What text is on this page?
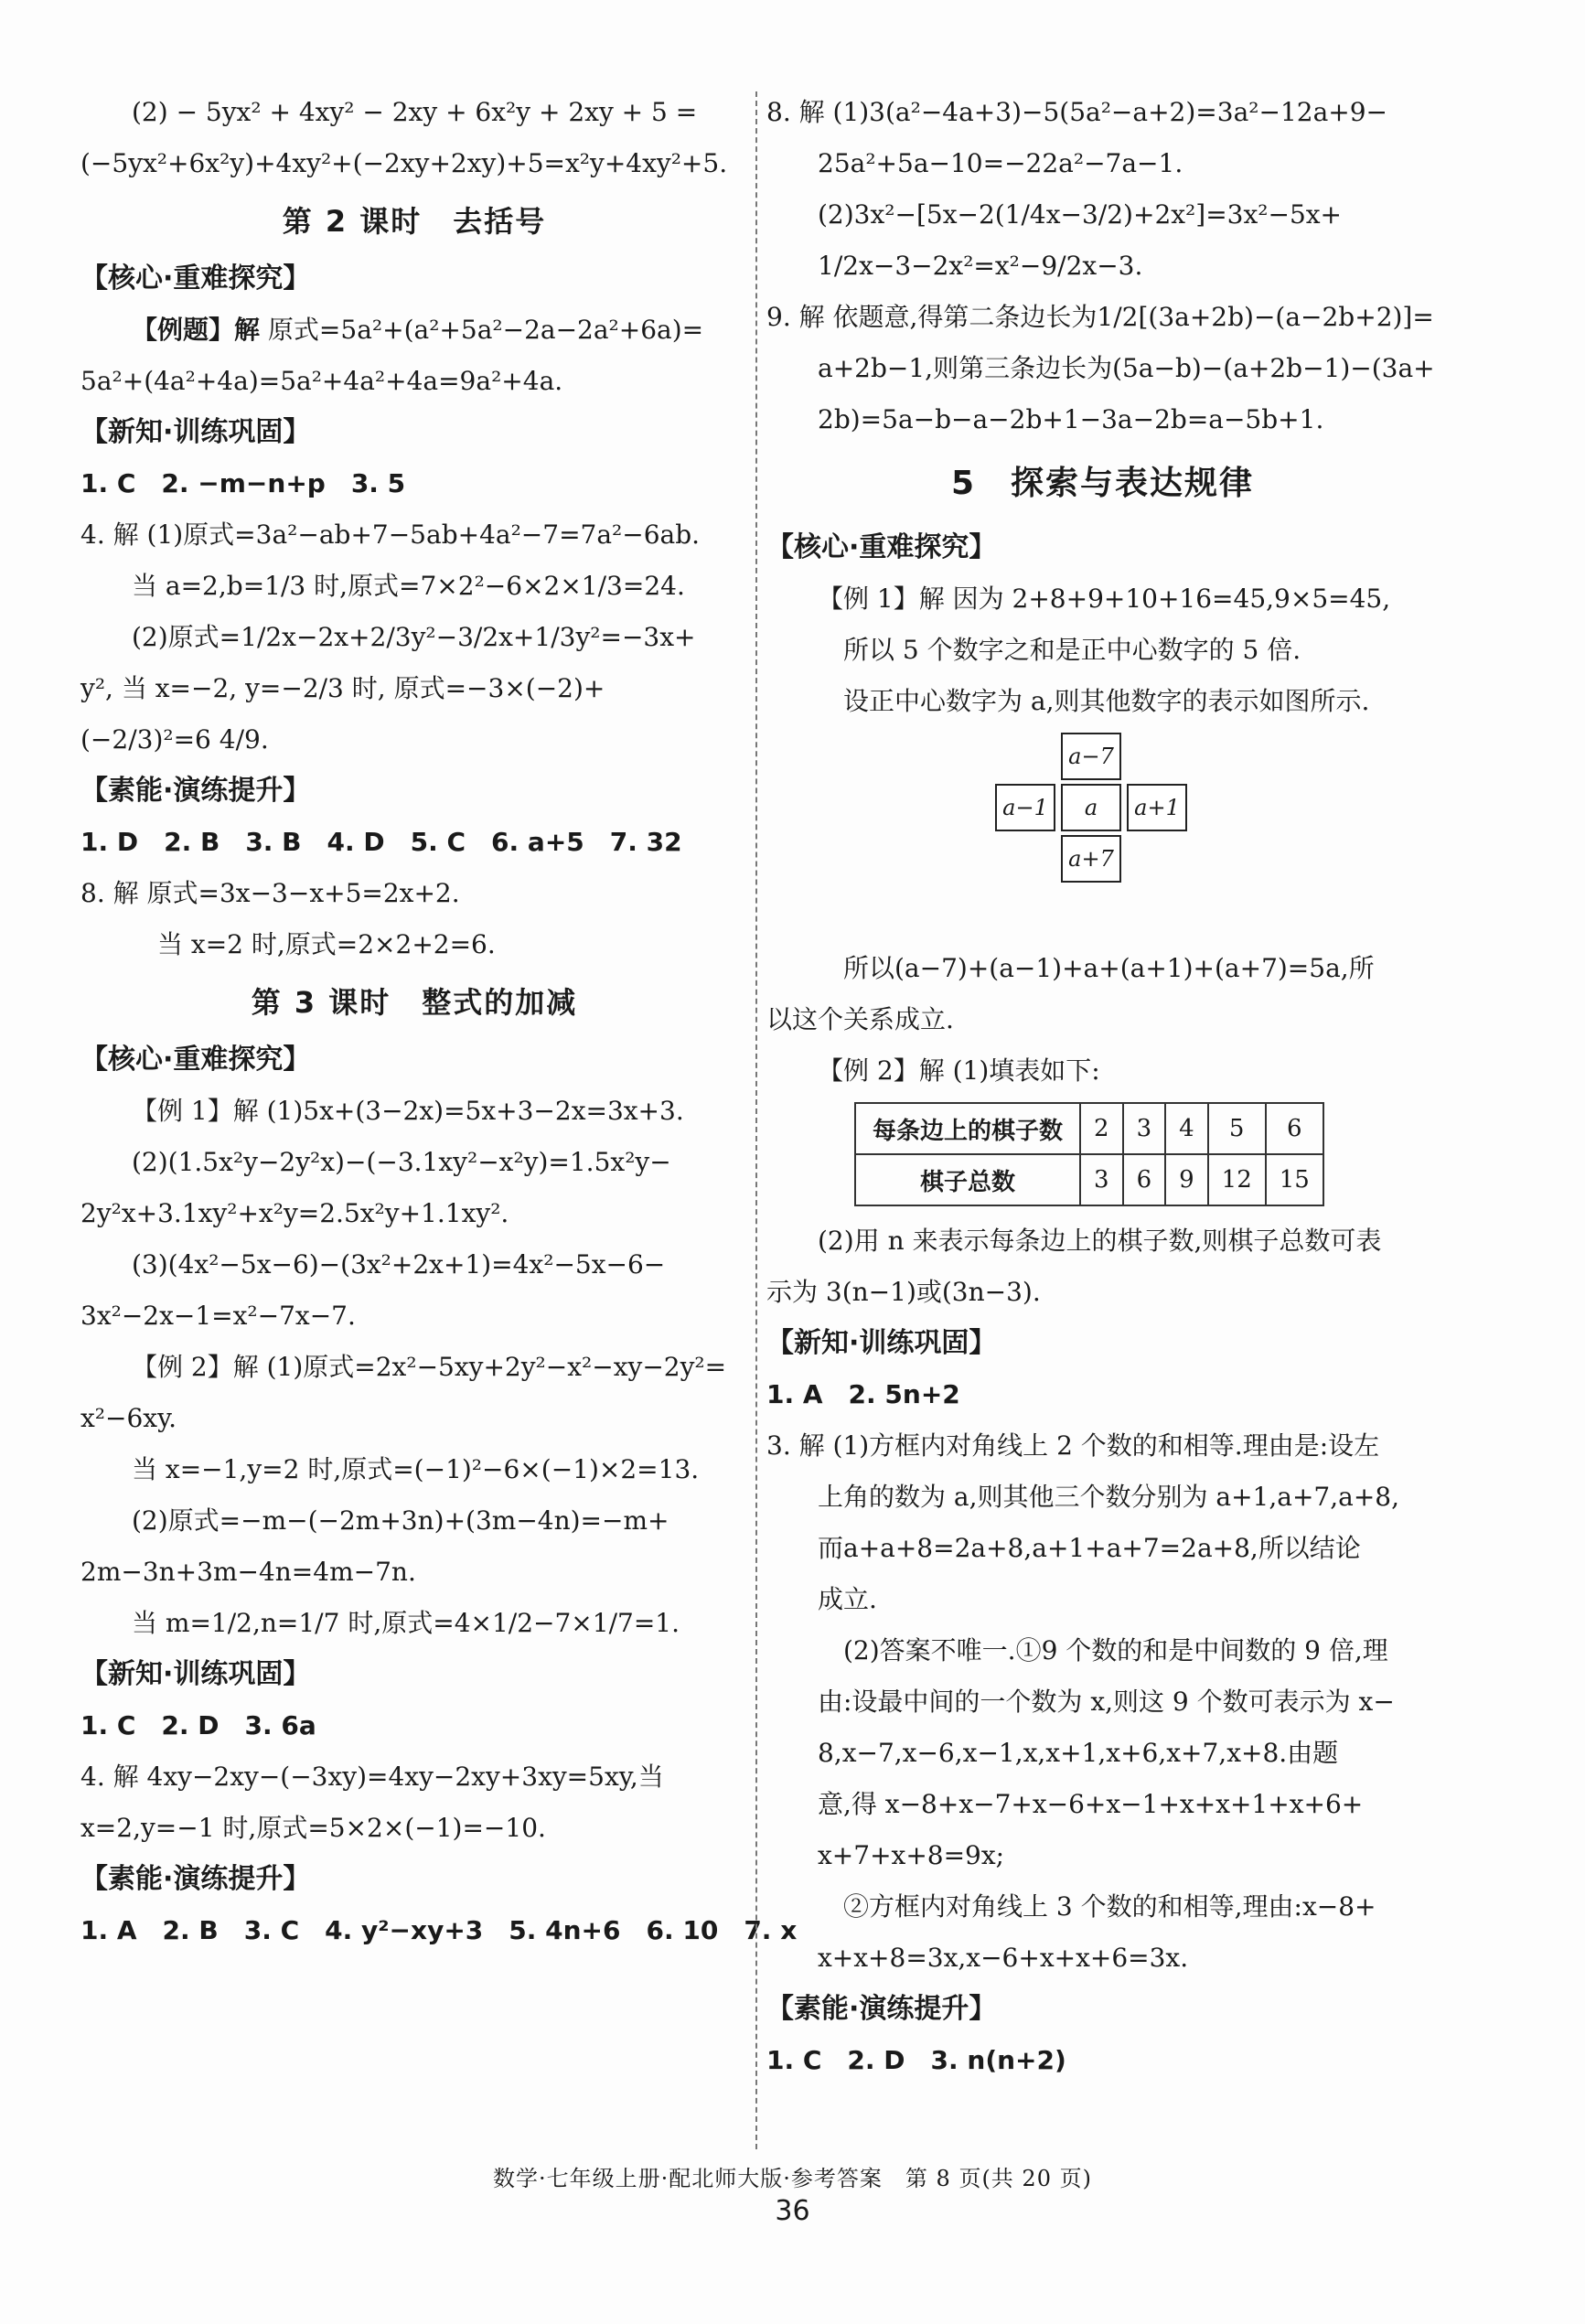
(2) − 5yx² + 4xy² − 2xy + 6x²y + 2xy + 5 =
(−5yx²+6x²y)+4xy²+(−2xy+2xy)+5=x²y+4xy²+5.
第 2 课时　去括号
【核心·重难探究】
【例题】解 原式=5a²+(a²+5a²−2a−2a²+6a)=
5a²+(4a²+4a)=5a²+4a²+4a=9a²+4a.
【新知·训练巩固】
1. C　2. −m−n+p　3. 5
4. 解 (1)原式=3a²−ab+7−5ab+4a²−7=7a²−6ab.
当 a=2,b=1/3 时,原式=7×2²−6×2×1/3=24.
(2)原式=1/2x−2x+2/3y²−3/2x+1/3y²=−3x+
y², 当 x=−2, y=−2/3 时, 原式=−3×(−2)+
(−2/3)²=6 4/9.
【素能·演练提升】
1. D　2. B　3. B　4. D　5. C　6. a+5　7. 32
8. 解 原式=3x−3−x+5=2x+2.
当 x=2 时,原式=2×2+2=6.
第 3 课时　整式的加减
【核心·重难探究】
【例 1】解 (1)5x+(3−2x)=5x+3−2x=3x+3.
(2)(1.5x²y−2y²x)−(−3.1xy²−x²y)=1.5x²y−
2y²x+3.1xy²+x²y=2.5x²y+1.1xy².
(3)(4x²−5x−6)−(3x²+2x+1)=4x²−5x−6−
3x²−2x−1=x²−7x−7.
【例 2】解 (1)原式=2x²−5xy+2y²−x²−xy−2y²=
x²−6xy.
当 x=−1,y=2 时,原式=(−1)²−6×(−1)×2=13.
(2)原式=−m−(−2m+3n)+(3m−4n)=−m+
2m−3n+3m−4n=4m−7n.
当 m=1/2,n=1/7 时,原式=4×1/2−7×1/7=1.
【新知·训练巩固】
1. C　2. D　3. 6a
4. 解 4xy−2xy−(−3xy)=4xy−2xy+3xy=5xy,当
x=2,y=−1 时,原式=5×2×(−1)=−10.
【素能·演练提升】
1. A　2. B　3. C　4. y²−xy+3　5. 4n+6　6. 10　7. x
8. 解 (1)3(a²−4a+3)−5(5a²−a+2)=3a²−12a+9−
25a²+5a−10=−22a²−7a−1.
(2)3x²−[5x−2(1/4x−3/2)+2x²]=3x²−5x+
1/2x−3−2x²=x²−9/2x−3.
9. 解 依题意,得第二条边长为1/2[(3a+2b)−(a−2b+2)]=
a+2b−1,则第三条边长为(5a−b)−(a+2b−1)−(3a+
2b)=5a−b−a−2b+1−3a−2b=a−5b+1.
5　探索与表达规律
【核心·重难探究】
【例 1】解 因为 2+8+9+10+16=45,9×5=45,
所以 5 个数字之和是正中心数字的 5 倍.
设正中心数字为 a,则其他数字的表示如图所示.
a−7
a−1	a	a+1
a+7
所以(a−7)+(a−1)+a+(a+1)+(a+7)=5a,所
以这个关系成立.
【例 2】解 (1)填表如下:
每条边上的棋子数	2	3	4	5	6
棋子总数	3	6	9	12	15
(2)用 n 来表示每条边上的棋子数,则棋子总数可表
示为 3(n−1)或(3n−3).
【新知·训练巩固】
1. A　2. 5n+2
3. 解 (1)方框内对角线上 2 个数的和相等.理由是:设左
上角的数为 a,则其他三个数分别为 a+1,a+7,a+8,
而a+a+8=2a+8,a+1+a+7=2a+8,所以结论
成立.
(2)答案不唯一.①9 个数的和是中间数的 9 倍,理
由:设最中间的一个数为 x,则这 9 个数可表示为 x−
8,x−7,x−6,x−1,x,x+1,x+6,x+7,x+8.由题
意,得 x−8+x−7+x−6+x−1+x+x+1+x+6+
x+7+x+8=9x;
②方框内对角线上 3 个数的和相等,理由:x−8+
x+x+8=3x,x−6+x+x+6=3x.
【素能·演练提升】
1. C　2. D　3. n(n+2)
数学·七年级上册·配北师大版·参考答案　第 8 页(共 20 页)
36
